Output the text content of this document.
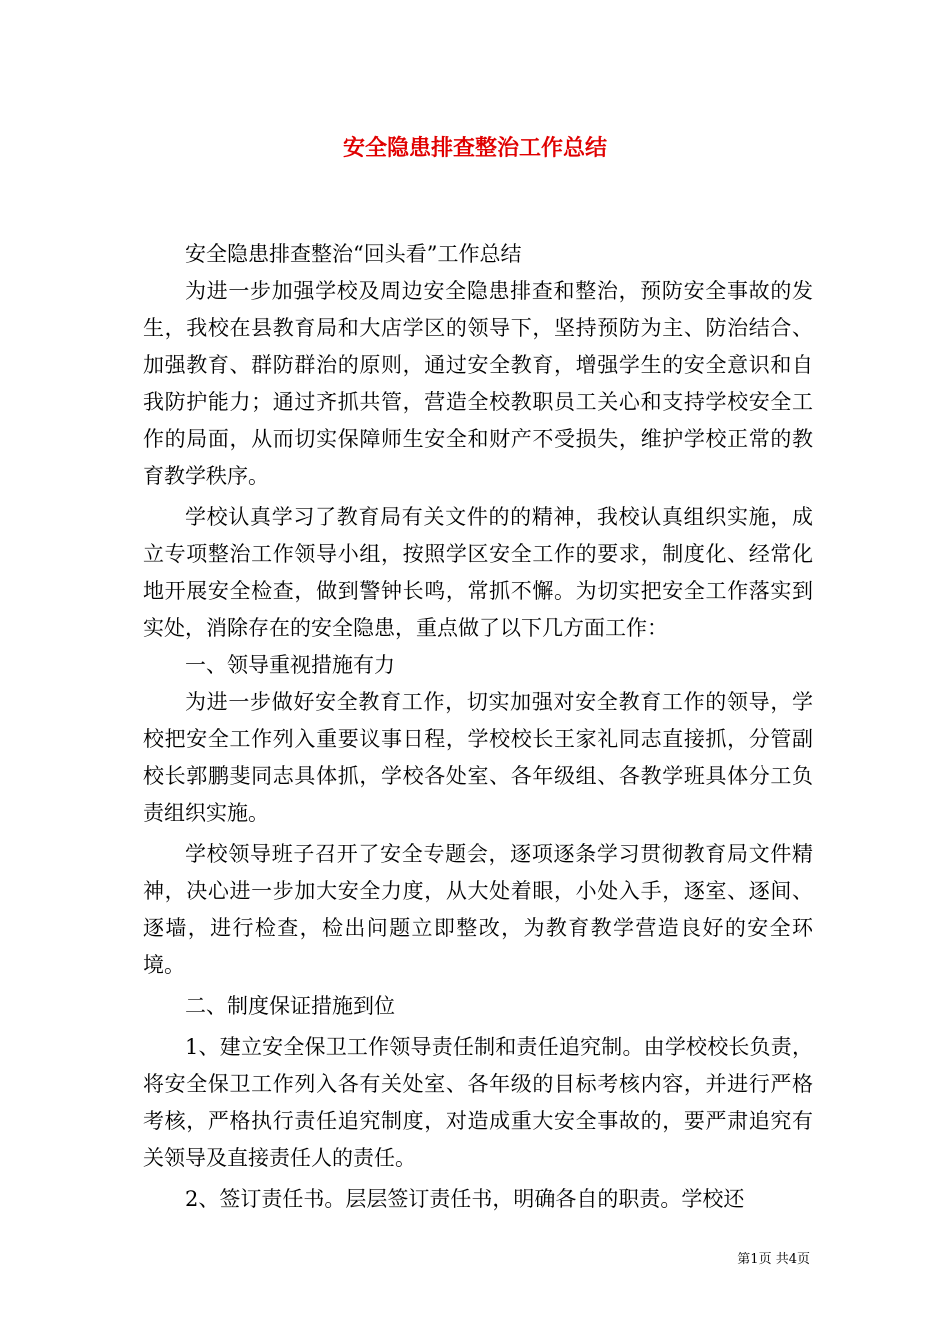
安全隐患排查整治工作总结

安全隐患排查整治“回头看”工作总结

为进一步加强学校及周边安全隐患排查和整治，预防安全事故的发生，我校在县教育局和大店学区的领导下，坚持预防为主、防治结合、加强教育、群防群治的原则，通过安全教育，增强学生的安全意识和自我防护能力；通过齐抓共管，营造全校教职员工关心和支持学校安全工作的局面，从而切实保障师生安全和财产不受损失，维护学校正常的教育教学秩序。

学校认真学习了教育局有关文件的的精神，我校认真组织实施，成立专项整治工作领导小组，按照学区安全工作的要求，制度化、经常化地开展安全检查，做到警钟长鸣，常抓不懈。为切实把安全工作落实到实处，消除存在的安全隐患，重点做了以下几方面工作：

一、领导重视措施有力

为进一步做好安全教育工作，切实加强对安全教育工作的领导，学校把安全工作列入重要议事日程，学校校长王家礼同志直接抓，分管副校长郭鹏斐同志具体抓，学校各处室、各年级组、各教学班具体分工负责组织实施。

学校领导班子召开了安全专题会，逐项逐条学习贯彻教育局文件精神，决心进一步加大安全力度，从大处着眼，小处入手，逐室、逐间、逐墙，进行检查，检出问题立即整改，为教育教学营造良好的安全环境。

二、制度保证措施到位

1、建立安全保卫工作领导责任制和责任追究制。由学校校长负责，将安全保卫工作列入各有关处室、各年级的目标考核内容，并进行严格考核，严格执行责任追究制度，对造成重大安全事故的，要严肃追究有关领导及直接责任人的责任。

2、签订责任书。层层签订责任书，明确各自的职责。学校还

第1页 共4页
